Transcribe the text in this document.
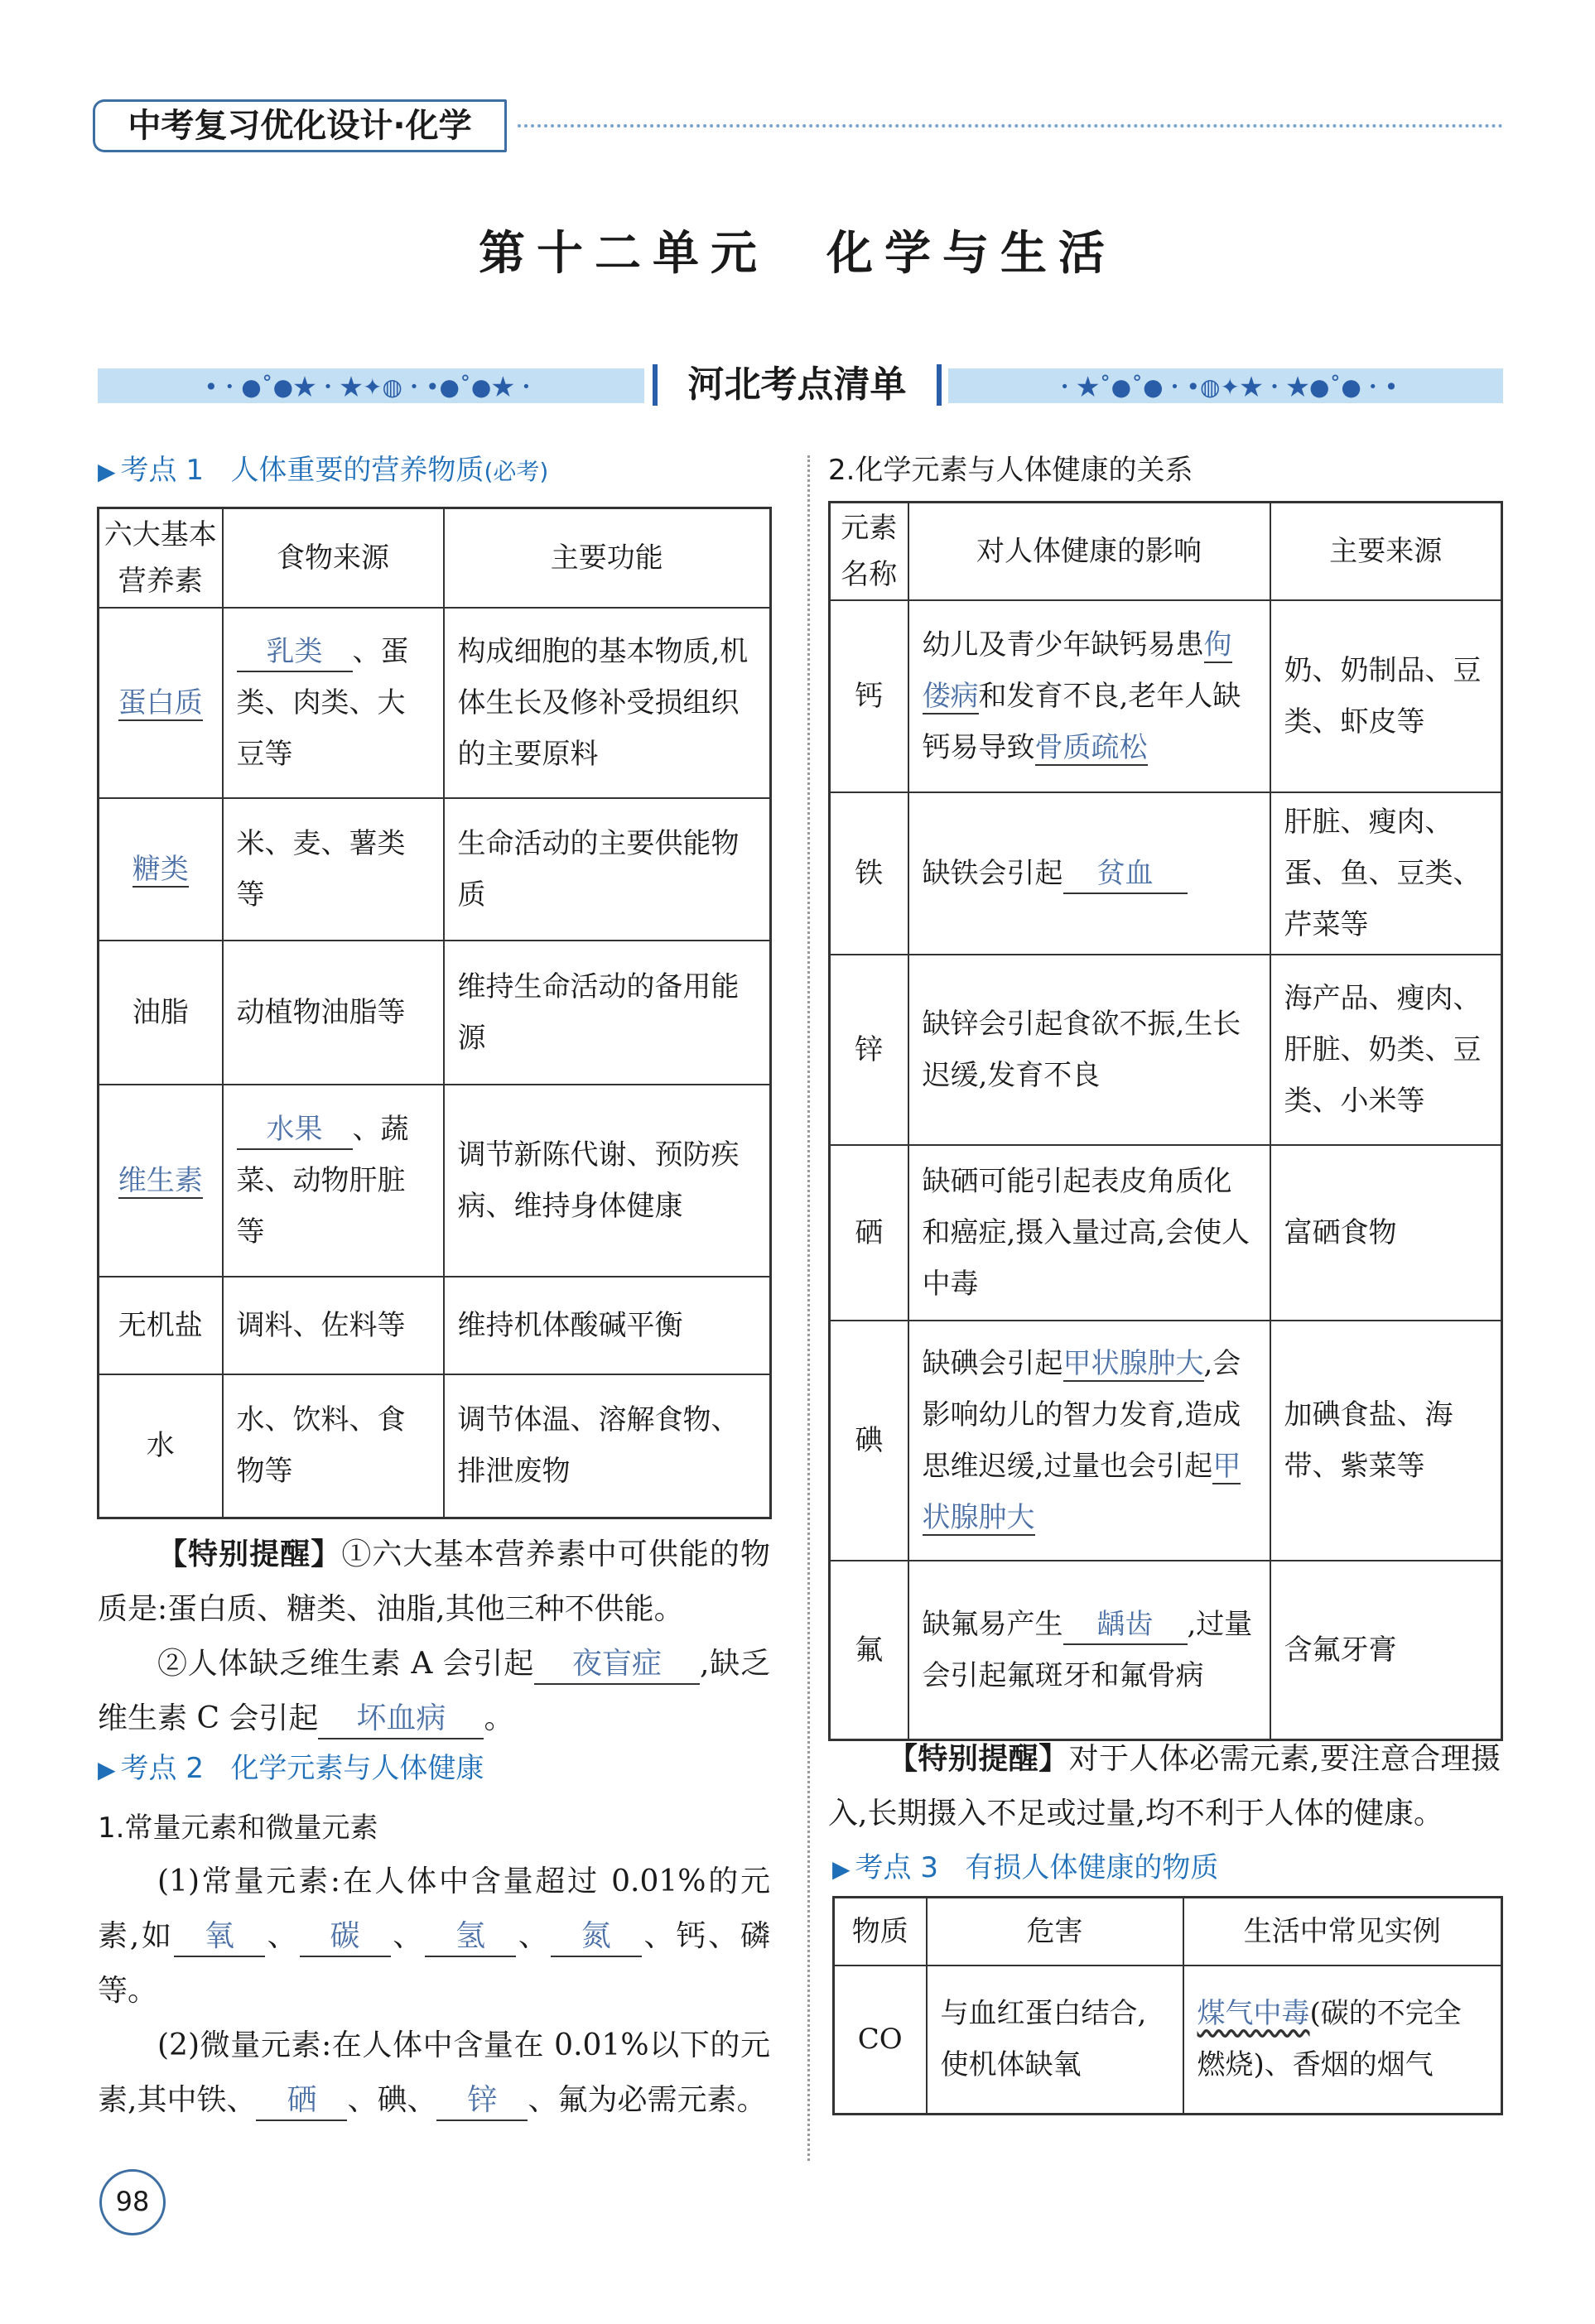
中考复习优化设计·化学
第十二单元　化学与生活
•・●˚●★・★✦◍・•●˚●★・	河北考点清单	・★˚●˚●・•◍✦★・★●˚●・•
▶ 考点 1 人体重要的营养物质(必考)
六大基本营养素	食物来源	主要功能
蛋白质	乳类 、蛋类、肉类、大豆等	构成细胞的基本物质,机体生长及修补受损组织的主要原料
糖类	米、麦、薯类等	生命活动的主要供能物质
油脂	动植物油脂等	维持生命活动的备用能源
维生素	水果 、蔬菜、动物肝脏等	调节新陈代谢、预防疾病、维持身体健康
无机盐	调料、佐料等	维持机体酸碱平衡
水	水、饮料、食物等	调节体温、溶解食物、排泄废物
【特别提醒】①六大基本营养素中可供能的物质是:蛋白质、糖类、油脂,其他三种不供能。
②人体缺乏维生素 A 会引起 夜盲症 ,缺乏维生素 C 会引起 坏血病 。
▶ 考点 2 化学元素与人体健康
1.常量元素和微量元素
(1)常量元素:在人体中含量超过 0.01%的元素,如 氧 、 碳 、 氢 、 氮 、钙、磷等。
(2)微量元素:在人体中含量在 0.01%以下的元素,其中铁、 硒 、碘、 锌 、氟为必需元素。
2.化学元素与人体健康的关系
元素名称	对人体健康的影响	主要来源
钙	幼儿及青少年缺钙易患佝偻病和发育不良,老年人缺钙易导致骨质疏松	奶、奶制品、豆类、虾皮等
铁	缺铁会引起 贫血	肝脏、瘦肉、蛋、鱼、豆类、芹菜等
锌	缺锌会引起食欲不振,生长迟缓,发育不良	海产品、瘦肉、肝脏、奶类、豆类、小米等
硒	缺硒可能引起表皮角质化和癌症,摄入量过高,会使人中毒	富硒食物
碘	缺碘会引起甲状腺肿大,会影响幼儿的智力发育,造成思维迟缓,过量也会引起甲状腺肿大	加碘食盐、海带、紫菜等
氟	缺氟易产生 龋齿 ,过量会引起氟斑牙和氟骨病	含氟牙膏
【特别提醒】对于人体必需元素,要注意合理摄入,长期摄入不足或过量,均不利于人体的健康。
▶ 考点 3 有损人体健康的物质
物质	危害	生活中常见实例
CO	与血红蛋白结合,使机体缺氧	煤气中毒(碳的不完全燃烧)、香烟的烟气
98
